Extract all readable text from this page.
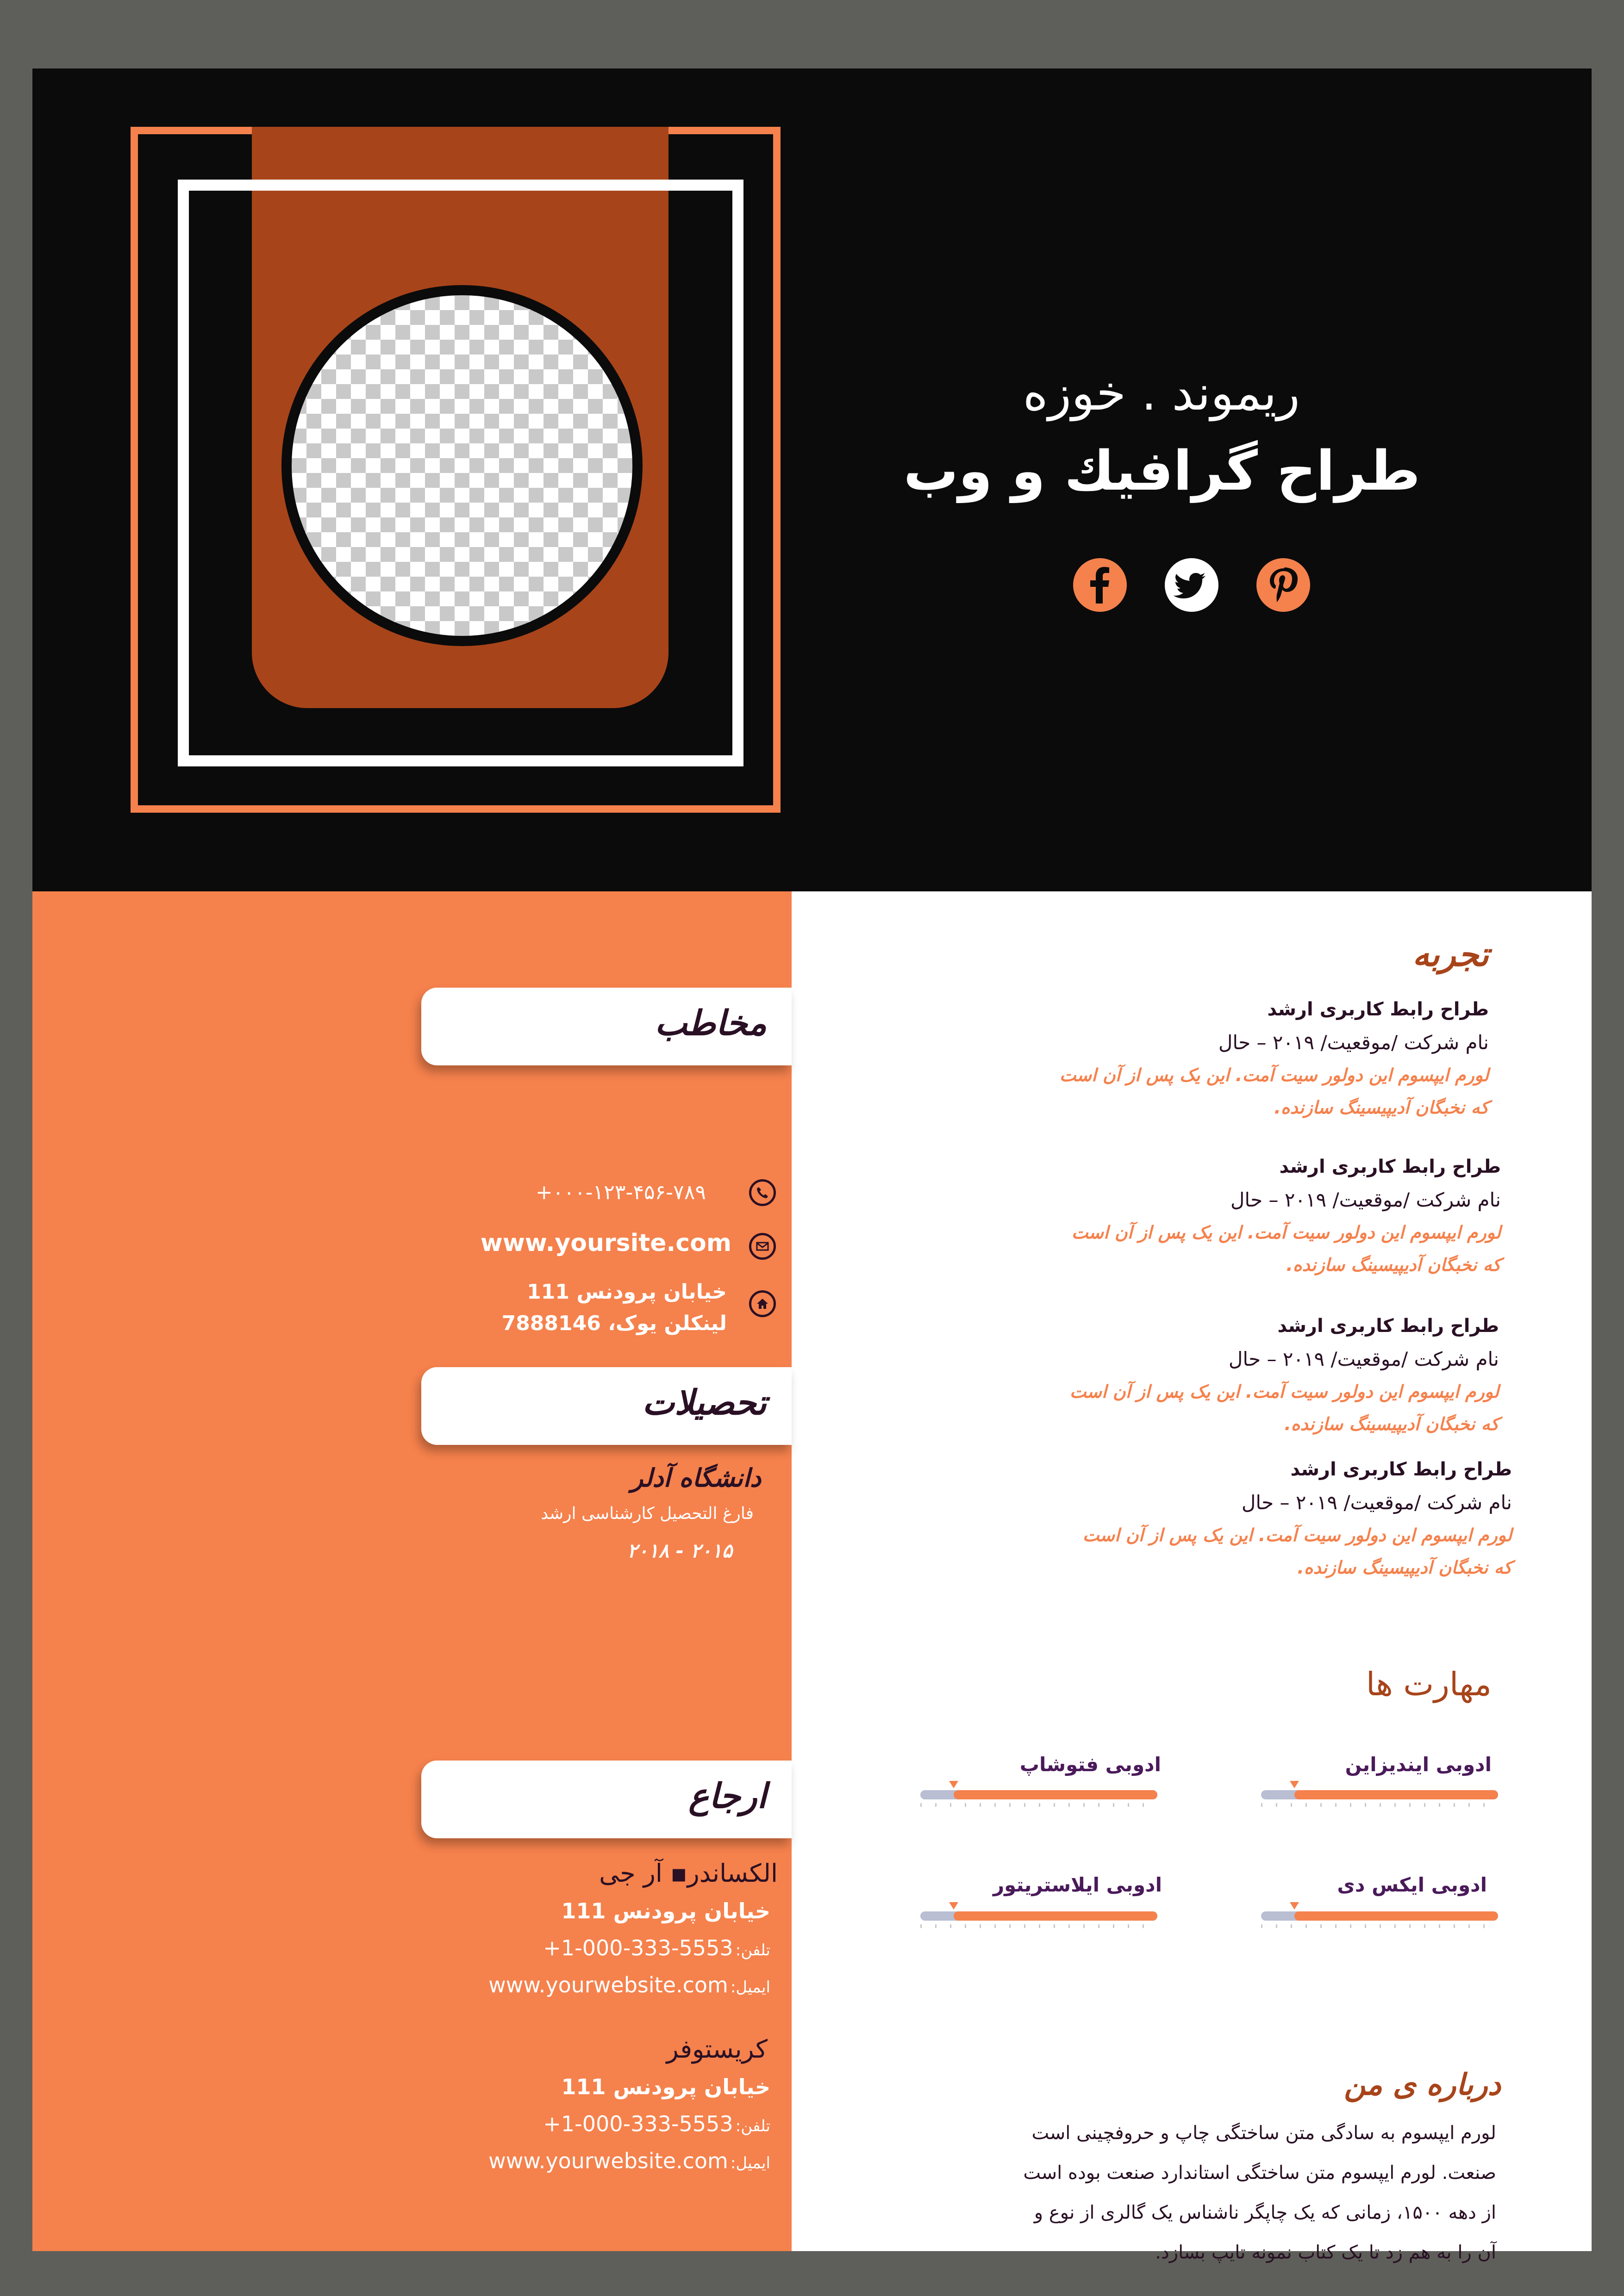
ریموند . خوزه
طراح گرافیك و وب
مخاطب
+۰۰۰-۱۲۳-۴۵۶-۷۸۹
www.yoursite.com
خیابان پرودنس 111
لینکلن یوک، 7888146
تحصیلات
دانشگاه آدلر
فارغ التحصیل کارشناسی ارشد
۲۰۱۵ - ۲۰۱۸
ارجاع
الکساندر▪ آر جی
خیابان پرودنس 111
تلفن: +1-000-333-5553
ایمیل: www.yourwebsite.com
کریستوفر
خیابان پرودنس 111
تلفن: +1-000-333-5553
ایمیل: www.yourwebsite.com
تجربه
طراح رابط کاربری ارشد
نام شرکت /موقعیت/ ۲۰۱۹ – حال
لورم ایپسوم این دولور سیت آمت. این یک پس از آن است
که نخبگان آدیپیسینگ سازنده.
طراح رابط کاربری ارشد
نام شرکت /موقعیت/ ۲۰۱۹ – حال
لورم ایپسوم این دولور سیت آمت. این یک پس از آن است
که نخبگان آدیپیسینگ سازنده.
طراح رابط کاربری ارشد
نام شرکت /موقعیت/ ۲۰۱۹ – حال
لورم ایپسوم این دولور سیت آمت. این یک پس از آن است
که نخبگان آدیپیسینگ سازنده.
طراح رابط کاربری ارشد
نام شرکت /موقعیت/ ۲۰۱۹ – حال
لورم ایپسوم این دولور سیت آمت. این یک پس از آن است
که نخبگان آدیپیسینگ سازنده.
مهارت ها
ادوبی اینديزاين
ادوبی فتوشاپ
ادوبی ایکس دی
ادوبی ایلاستریتور
درباره ی من
لورم ایپسوم به سادگی متن ساختگی چاپ و حروفچینی است
صنعت. لورم ایپسوم متن ساختگی استاندارد صنعت بوده است
از دهه ۱۵۰۰، زمانی که یک چاپگر ناشناس یک گالری از نوع و
آن را به هم زد تا یک کتاب نمونه تایپ بسازد.
